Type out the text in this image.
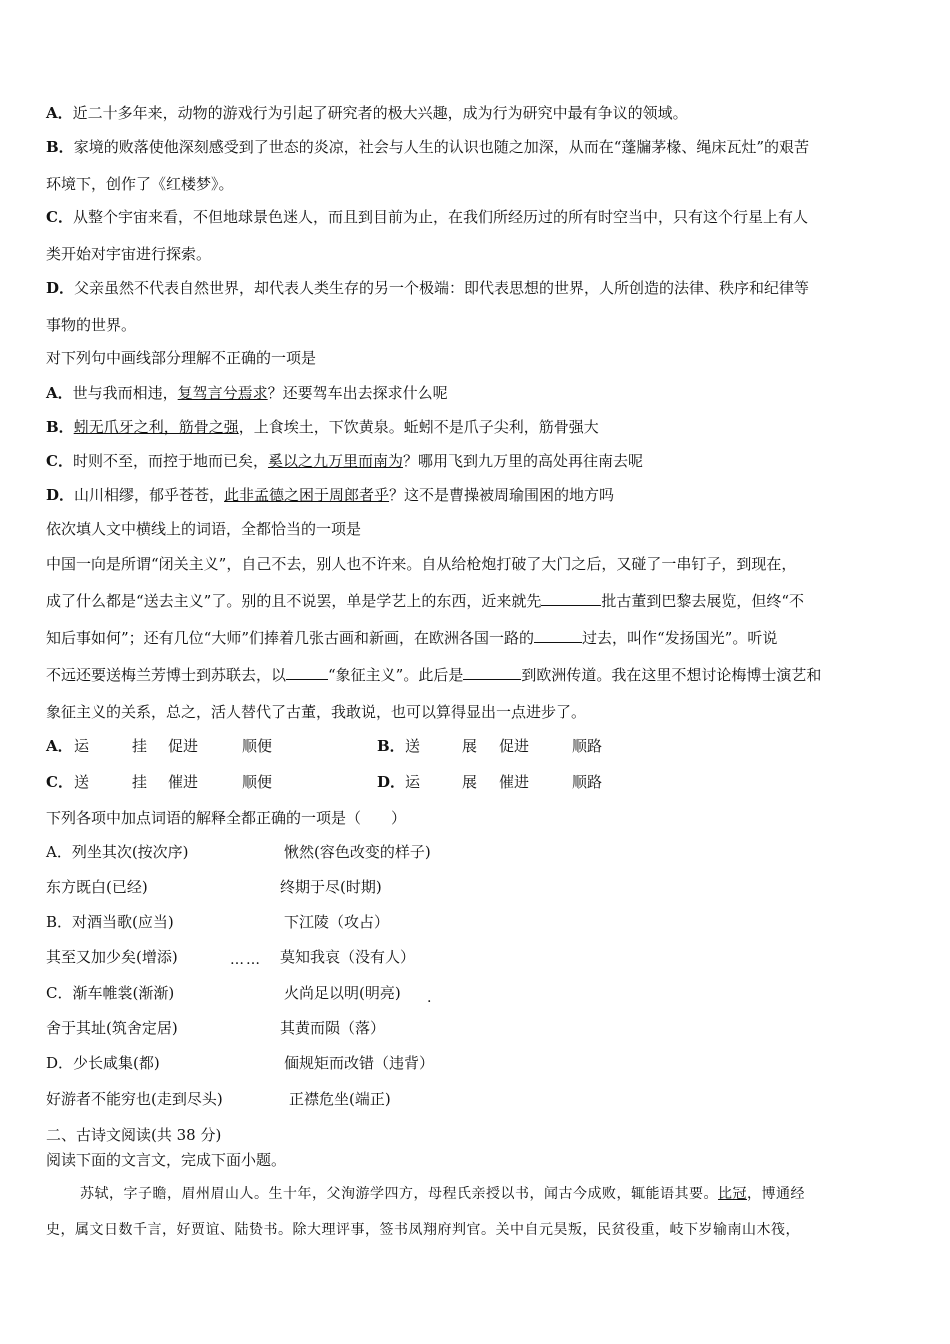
A．近二十多年来，动物的游戏行为引起了研究者的极大兴趣，成为行为研究中最有争议的领域。
B．家境的败落使他深刻感受到了世态的炎凉，社会与人生的认识也随之加深，从而在“蓬牖茅椽、绳床瓦灶”的艰苦
环境下，创作了《红楼梦》。
C．从整个宇宙来看，不但地球景色迷人，而且到目前为止，在我们所经历过的所有时空当中，只有这个行星上有人
类开始对宇宙进行探索。
D．父亲虽然不代表自然世界，却代表人类生存的另一个极端：即代表思想的世界，人所创造的法律、秩序和纪律等
事物的世界。
对下列句中画线部分理解不正确的一项是
A．世与我而相违，复驾言兮焉求？还要驾车出去探求什么呢
B．蚓无爪牙之利，筋骨之强，上食埃土，下饮黄泉。蚯蚓不是爪子尖利，筋骨强大
C．时则不至，而控于地而已矣，奚以之九万里而南为？哪用飞到九万里的高处再往南去呢
D．山川相缪，郁乎苍苍，此非孟德之困于周郎者乎？这不是曹操被周瑜围困的地方吗
依次填人文中横线上的词语，全都恰当的一项是
中国一向是所谓“闭关主义”，自己不去，别人也不许来。自从给枪炮打破了大门之后，又碰了一串钉子，到现在，
成了什么都是“送去主义”了。别的且不说罢，单是学艺上的东西，近来就先	批古董到巴黎去展览，但终“不
知后事如何”；还有几位“大师”们捧着几张古画和新画，在欧洲各国一路的	过去，叫作“发扬国光”。听说
不远还要送梅兰芳博士到苏联去，以	“象征主义”。此后是	到欧洲传道。我在这里不想讨论梅博士演艺和
象征主义的关系，总之，活人替代了古董，我敢说，也可以算得显出一点进步了。
A． 运	挂 促进	顺便	B． 送	展 促进	顺路
C． 送	挂 催进	顺便	D． 运	展 催进	顺路
下列各项中加点词语的解释全都正确的一项是（　　）
A．列坐其次(按次序)	愀然(容色改变的样子)
东方既白(已经)	终期于尽(时期)
B．对酒当歌(应当)	下江陵（攻占）
其至又加少矣(增添)	…… 莫知我哀（没有人）
C．渐车帷裳(渐渐)	火尚足以明(明亮) .
舍于其址(筑舍定居)	其黄而陨（落）
D．少长咸集(都)	偭规矩而改错（违背）
好游者不能穷也(走到尽头)	正襟危坐(端正)
二、古诗文阅读(共 38 分)
阅读下面的文言文，完成下面小题。
苏轼，字子瞻，眉州眉山人。生十年，父洵游学四方，母程氏亲授以书，闻古今成败，辄能语其要。比冠，博通经
史，属文日数千言，好贾谊、陆贽书。除大理评事，签书凤翔府判官。关中自元昊叛，民贫役重，岐下岁输南山木筏，
